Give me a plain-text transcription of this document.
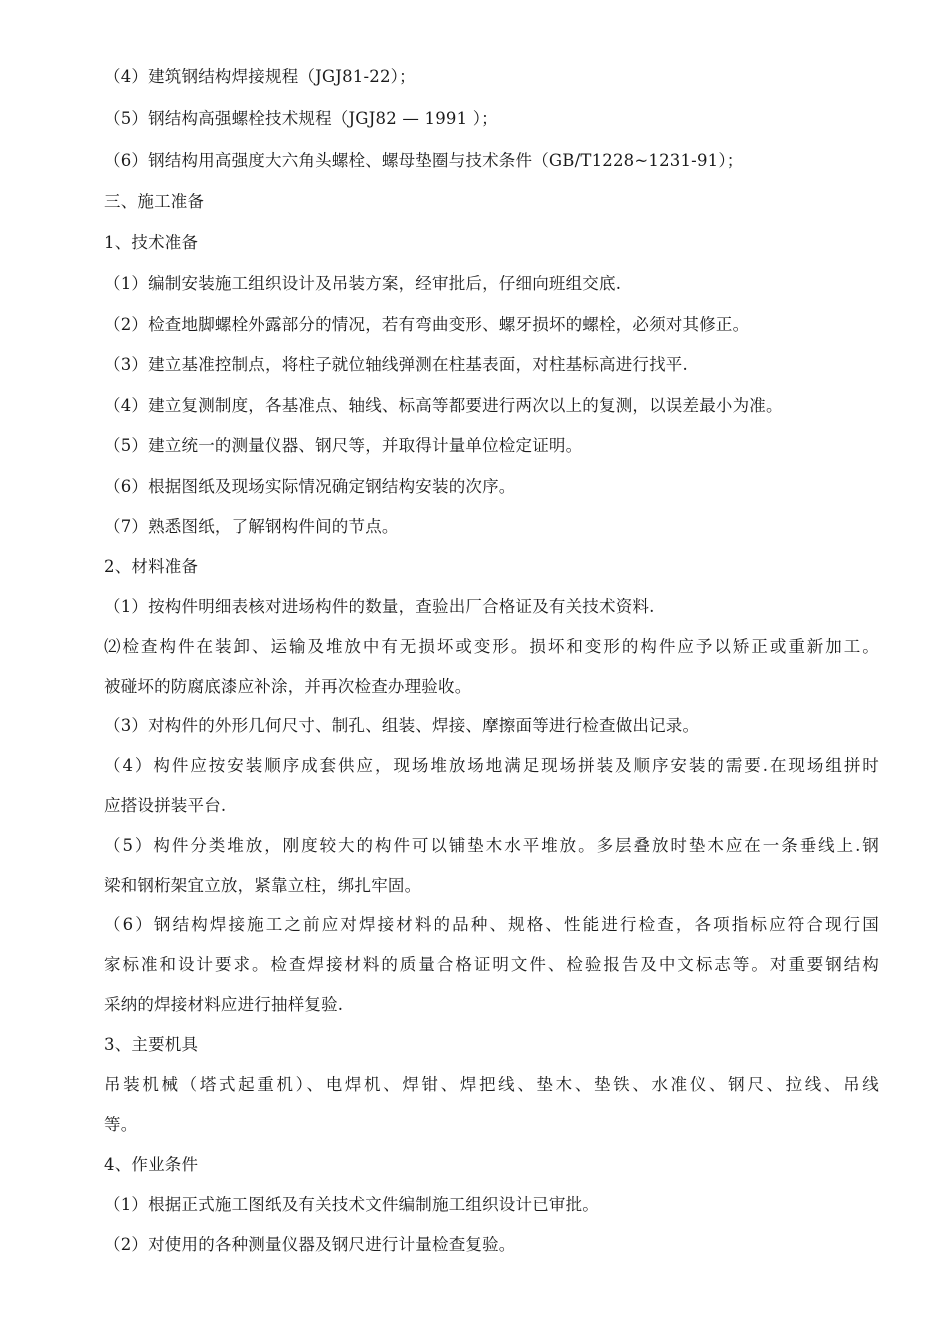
（4）建筑钢结构焊接规程（JGJ81-22）；
（5）钢结构高强螺栓技术规程（JGJ82 — 1991 ）；
（6）钢结构用高强度大六角头螺栓、螺母垫圈与技术条件（GB/T1228~1231-91）；
三、施工准备
1、技术准备
（1）编制安装施工组织设计及吊装方案，经审批后，仔细向班组交底.
（2）检查地脚螺栓外露部分的情况，若有弯曲变形、螺牙损坏的螺栓，必须对其修正。
（3）建立基准控制点，将柱子就位轴线弹测在柱基表面，对柱基标高进行找平.
（4）建立复测制度，各基准点、轴线、标高等都要进行两次以上的复测，以误差最小为准。
（5）建立统一的测量仪器、钢尺等，并取得计量单位检定证明。
（6）根据图纸及现场实际情况确定钢结构安装的次序。
（7）熟悉图纸，了解钢构件间的节点。
2、材料准备
（1）按构件明细表核对进场构件的数量，查验出厂合格证及有关技术资料.
⑵检查构件在装卸、运输及堆放中有无损坏或变形。损坏和变形的构件应予以矫正或重新加工。
被碰坏的防腐底漆应补涂，并再次检查办理验收。
（3）对构件的外形几何尺寸、制孔、组装、焊接、摩擦面等进行检查做出记录。
（4）构件应按安装顺序成套供应，现场堆放场地满足现场拼装及顺序安装的需要.在现场组拼时
应搭设拼装平台.
（5）构件分类堆放，刚度较大的构件可以铺垫木水平堆放。多层叠放时垫木应在一条垂线上.钢
梁和钢桁架宜立放，紧靠立柱，绑扎牢固。
（6）钢结构焊接施工之前应对焊接材料的品种、规格、性能进行检查，各项指标应符合现行国
家标准和设计要求。检查焊接材料的质量合格证明文件、检验报告及中文标志等。对重要钢结构
采纳的焊接材料应进行抽样复验.
3、主要机具
吊装机械（塔式起重机）、电焊机、焊钳、焊把线、垫木、垫铁、水准仪、钢尺、拉线、吊线
等。
4、作业条件
（1）根据正式施工图纸及有关技术文件编制施工组织设计已审批。
（2）对使用的各种测量仪器及钢尺进行计量检查复验。
